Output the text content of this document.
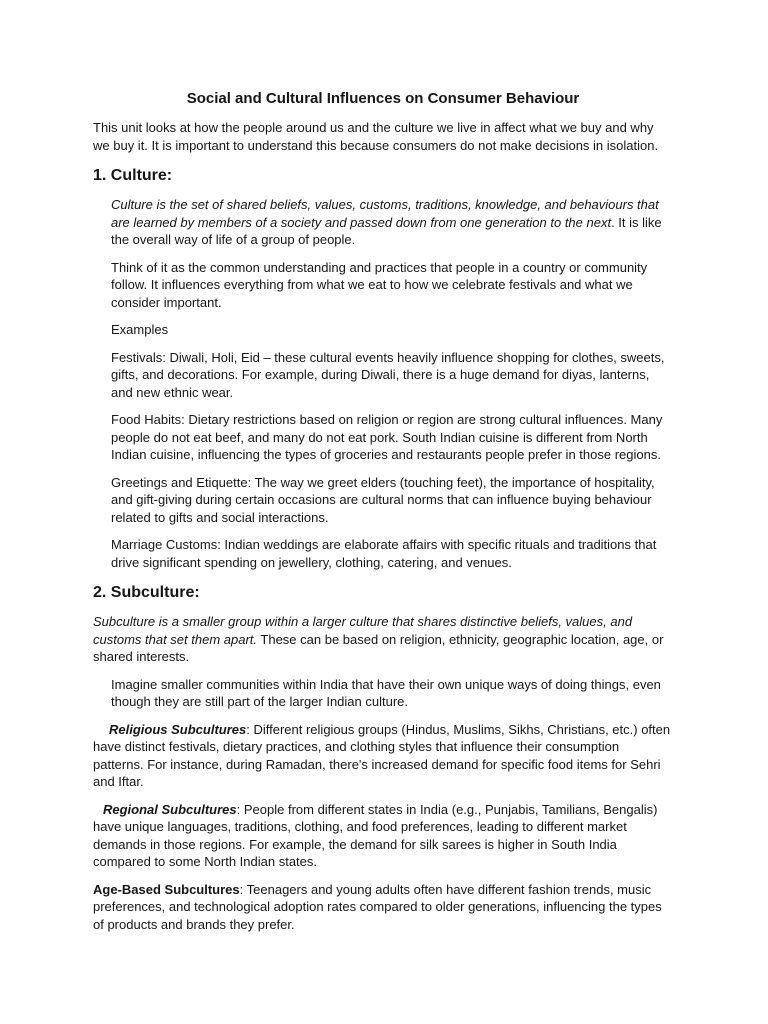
Social and Cultural Influences on Consumer Behaviour

This unit looks at how the people around us and the culture we live in affect what we buy and why we buy it. It is important to understand this because consumers do not make decisions in isolation.

1. Culture:

Culture is the set of shared beliefs, values, customs, traditions, knowledge, and behaviours that are learned by members of a society and passed down from one generation to the next. It is like the overall way of life of a group of people.

Think of it as the common understanding and practices that people in a country or community follow. It influences everything from what we eat to how we celebrate festivals and what we consider important.

Examples

Festivals: Diwali, Holi, Eid – these cultural events heavily influence shopping for clothes, sweets, gifts, and decorations. For example, during Diwali, there is a huge demand for diyas, lanterns, and new ethnic wear.

Food Habits: Dietary restrictions based on religion or region are strong cultural influences. Many people do not eat beef, and many do not eat pork. South Indian cuisine is different from North Indian cuisine, influencing the types of groceries and restaurants people prefer in those regions.

Greetings and Etiquette: The way we greet elders (touching feet), the importance of hospitality, and gift-giving during certain occasions are cultural norms that can influence buying behaviour related to gifts and social interactions.

Marriage Customs: Indian weddings are elaborate affairs with specific rituals and traditions that drive significant spending on jewellery, clothing, catering, and venues.

2. Subculture:

Subculture is a smaller group within a larger culture that shares distinctive beliefs, values, and customs that set them apart. These can be based on religion, ethnicity, geographic location, age, or shared interests.

Imagine smaller communities within India that have their own unique ways of doing things, even though they are still part of the larger Indian culture.

Religious Subcultures: Different religious groups (Hindus, Muslims, Sikhs, Christians, etc.) often have distinct festivals, dietary practices, and clothing styles that influence their consumption patterns. For instance, during Ramadan, there's increased demand for specific food items for Sehri and Iftar.

Regional Subcultures: People from different states in India (e.g., Punjabis, Tamilians, Bengalis) have unique languages, traditions, clothing, and food preferences, leading to different market demands in those regions. For example, the demand for silk sarees is higher in South India compared to some North Indian states.

Age-Based Subcultures: Teenagers and young adults often have different fashion trends, music preferences, and technological adoption rates compared to older generations, influencing the types of products and brands they prefer.
